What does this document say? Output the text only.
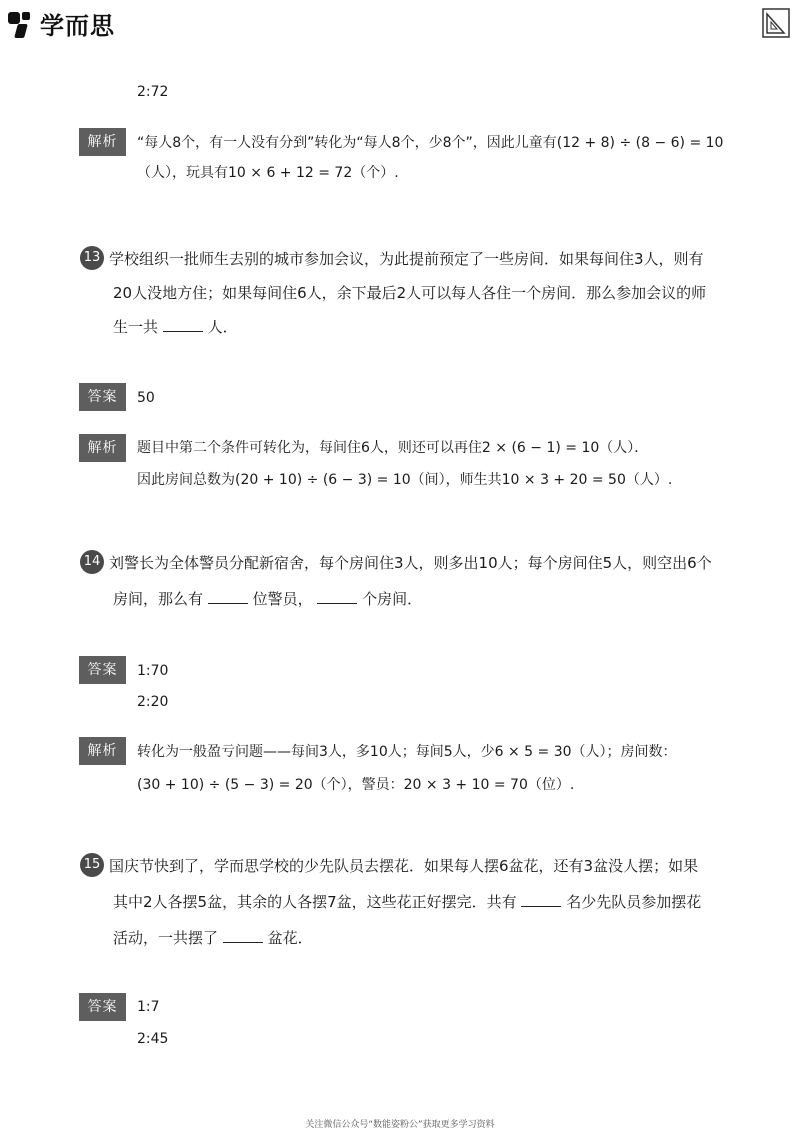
学而思
2:72
解析	“每人8个，有一人没有分到”转化为“每人8个，少8个”，因此儿童有(12 + 8) ÷ (8 − 6) = 10
（人），玩具有10 × 6 + 12 = 72（个）.
13 学校组织一批师生去别的城市参加会议，为此提前预定了一些房间．如果每间住3人，则有
20人没地方住；如果每间住6人，余下最后2人可以每人各住一个房间．那么参加会议的师
生一共	人．
答案	50
解析	题目中第二个条件可转化为，每间住6人，则还可以再住2 × (6 − 1) = 10（人）．
因此房间总数为(20 + 10) ÷ (6 − 3) = 10（间），师生共10 × 3 + 20 = 50（人）.
14 刘警长为全体警员分配新宿舍，每个房间住3人，则多出10人；每个房间住5人，则空出6个
房间，那么有	位警员，	个房间．
答案	1:70
2:20
解析	转化为一般盈亏问题——每间3人，多10人；每间5人，少6 × 5 = 30（人）；房间数：
(30 + 10) ÷ (5 − 3) = 20（个），警员：20 × 3 + 10 = 70（位）.
15 国庆节快到了，学而思学校的少先队员去摆花．如果每人摆6盆花，还有3盆没人摆；如果
其中2人各摆5盆，其余的人各摆7盆，这些花正好摆完．共有	名少先队员参加摆花
活动，一共摆了	盆花．
答案	1:7
2:45
关注微信公众号“数能姿粉公”获取更多学习资料
